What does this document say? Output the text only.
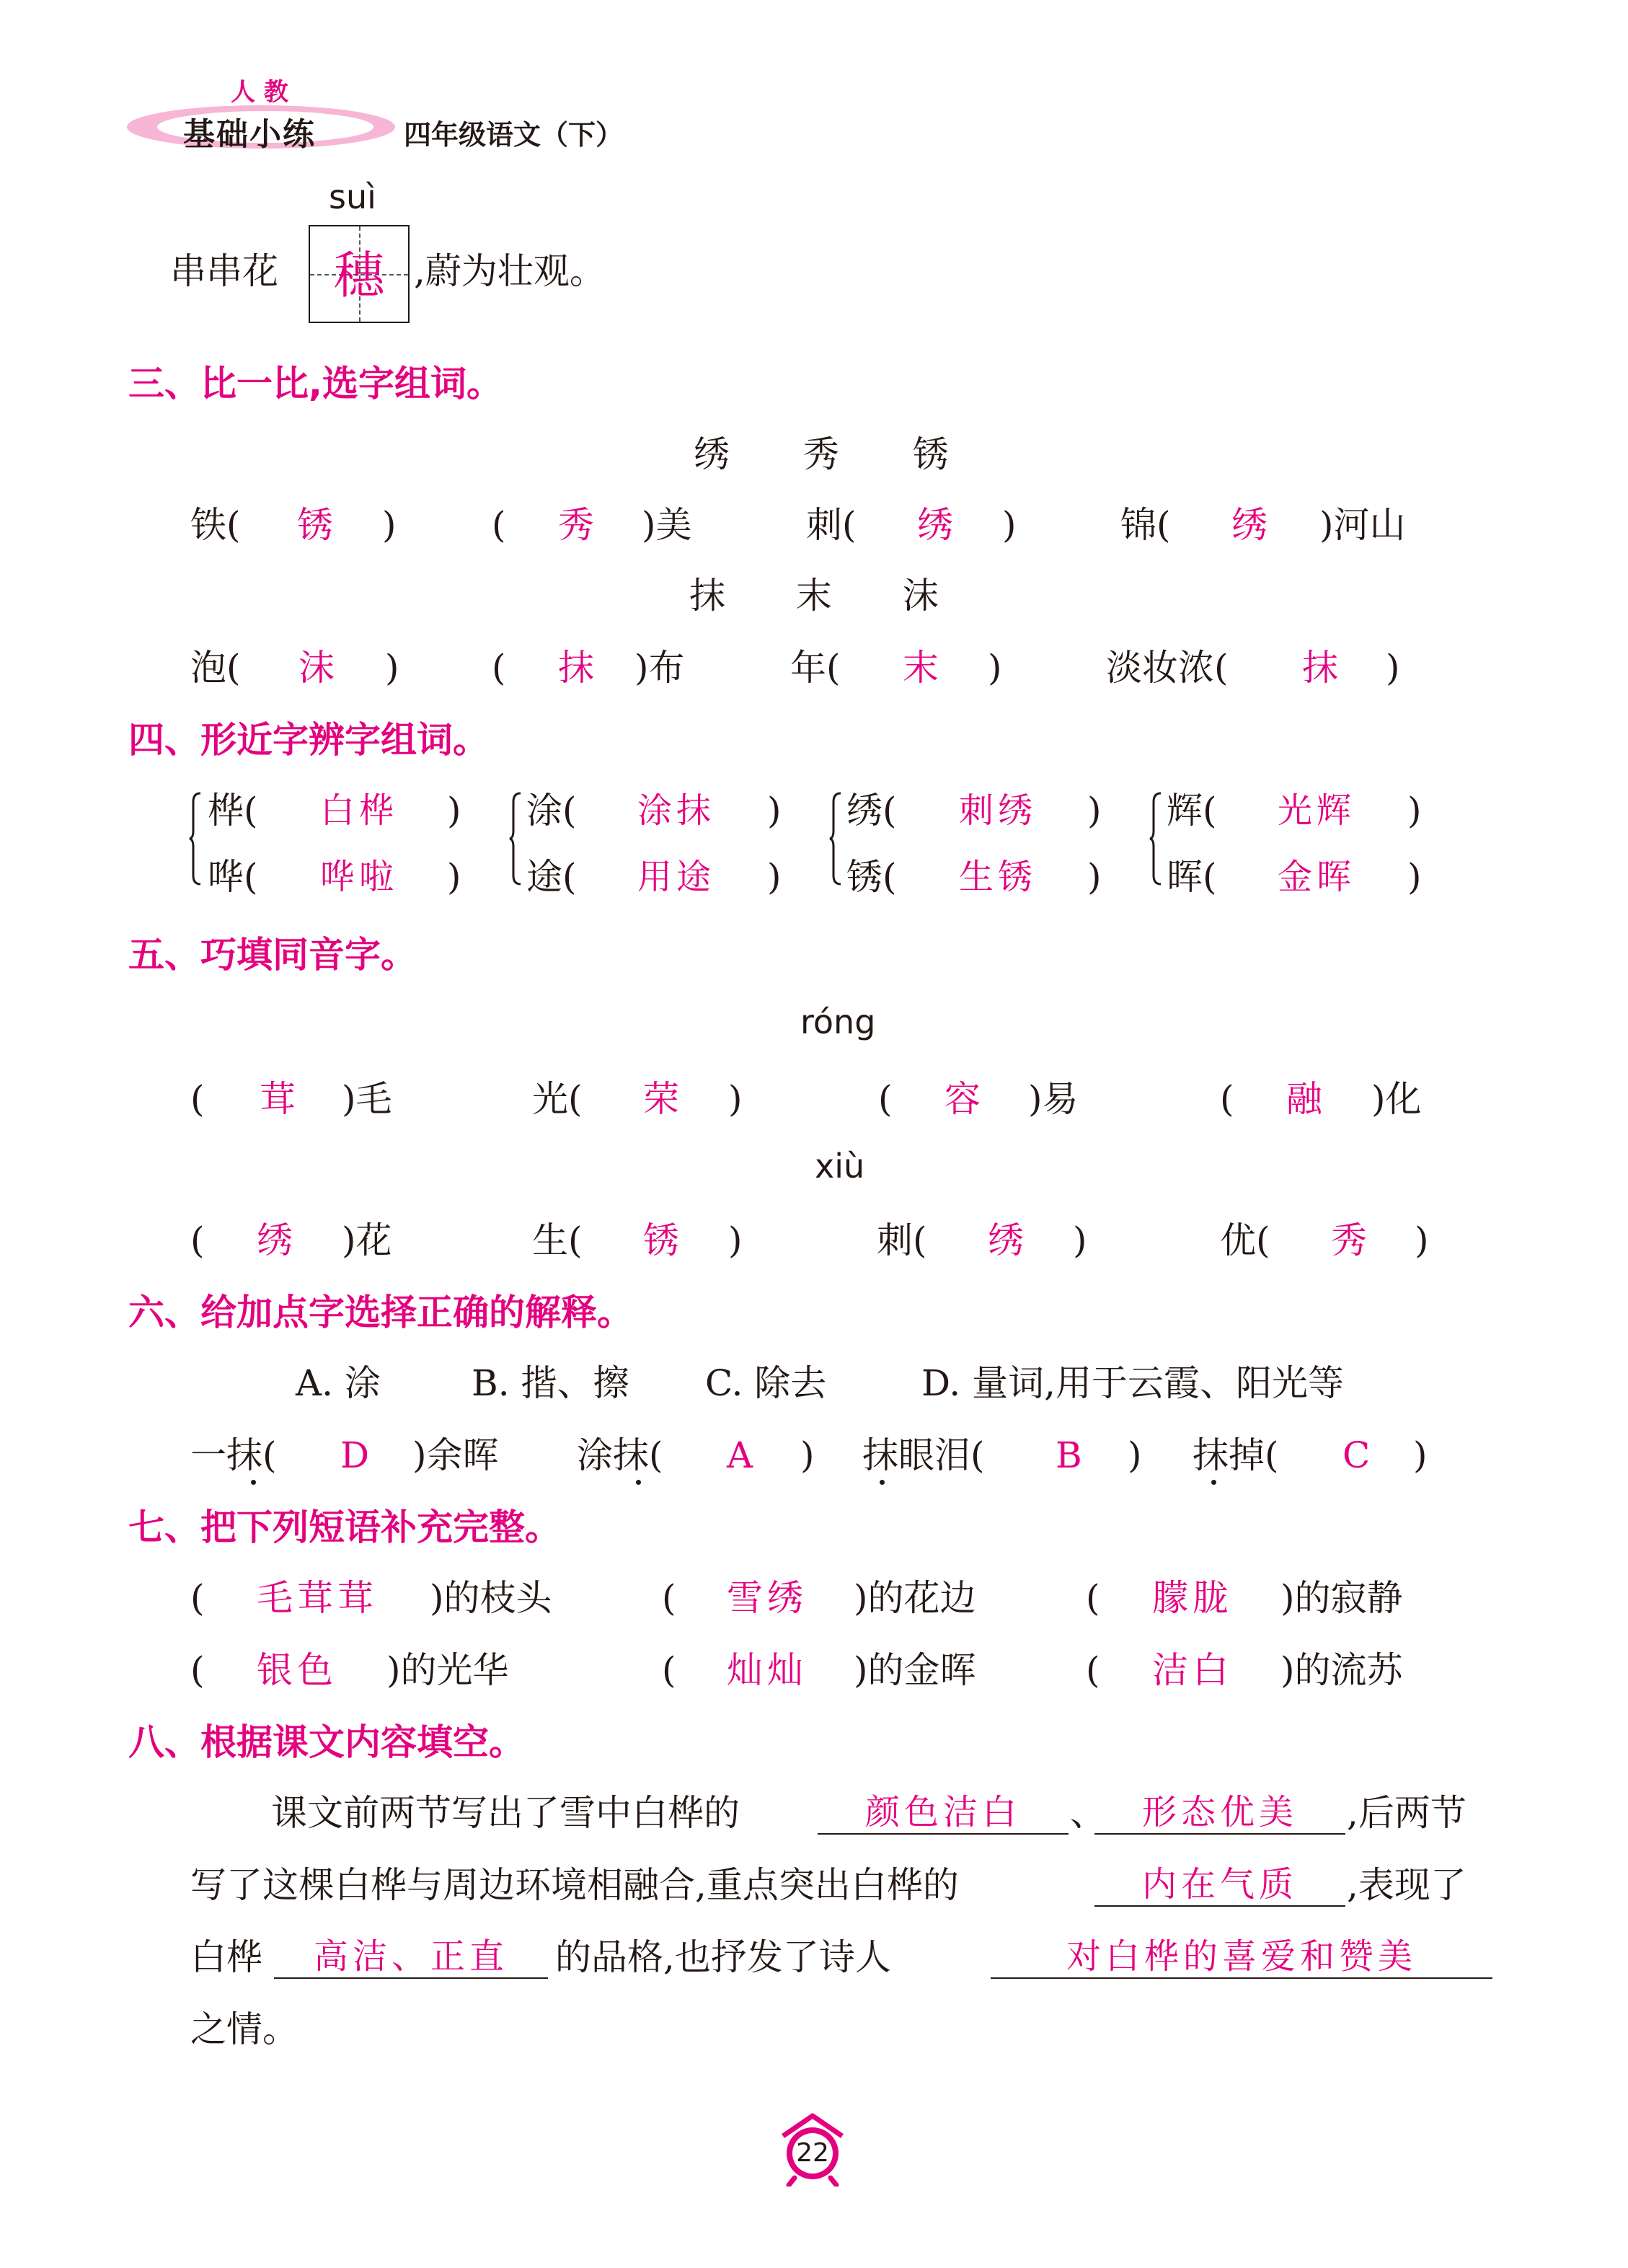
人 教
基础小练	四年级语文（下）
suì
串串花	穗 ,蔚为壮观。
三、比一比,选字组词。
绣 秀 锈
铁( 锈 )	( 秀 )美	刺( 绣 )	锦( 绣 )河山
抹 末 沫
泡( 沫 )	( 抹 )布	年( 末 )	淡妆浓( 抹 )
四、形近字辨字组词。
桦( 白桦 )
哗( 哗啦 )
涂( 涂抹 )
途( 用途 )
绣( 刺绣 )
锈( 生锈 )
辉( 光辉 )
晖( 金晖 )
五、巧填同音字。
róng
( 茸 )毛	光( 荣 )	( 容 )易	( 融 )化
xiù
( 绣 )花	生( 锈 )	刺( 绣 )	优( 秀 )
六、给加点字选择正确的解释。
A. 涂	B. 揩、擦 C. 除去	D. 量词,用于云霞、阳光等
一抹( D )余晖 涂抹( A ) 抹眼泪( B ) 抹掉( C )
七、把下列短语补充完整。
( 毛茸茸 )的枝头	( 雪绣 )的花边	( 朦胧 )的寂静
( 银色 )的光华	( 灿灿 )的金晖	( 洁白 )的流苏
八、根据课文内容填空。
课文前两节写出了雪中白桦的	颜色洁白	、	形态优美	,后两节
写了这棵白桦与周边环境相融合,重点突出白桦的	内在气质	,表现了
白桦	高洁、正直	的品格,也抒发了诗人	对白桦的喜爱和赞美
之情。
22
